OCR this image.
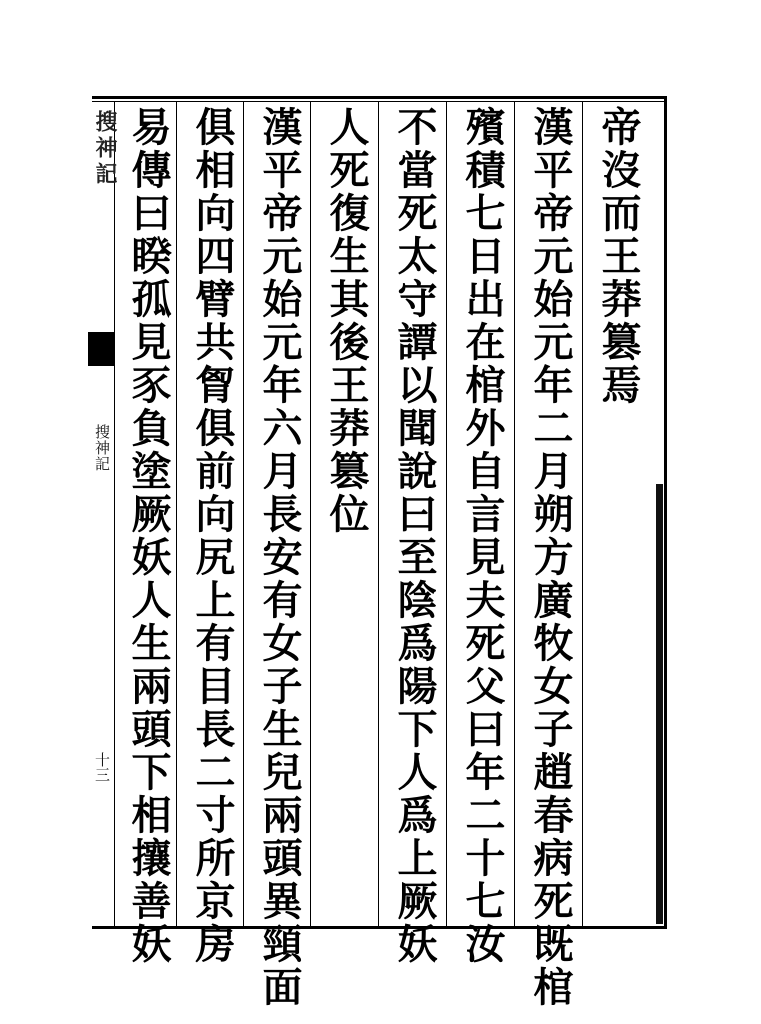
搜神記
搜神記
十三
帝沒而王莽篡焉
漢平帝元始元年二月朔方廣牧女子趙春病死既棺
殯積七日出在棺外自言見夫死父曰年二十七汝
不當死太守譚以聞說曰至陰爲陽下人爲上厥妖
人死復生其後王莽篡位
漢平帝元始元年六月長安有女子生兒兩頭異頸面
俱相向四臂共胷俱前向尻上有目長二寸所京房
易傳曰睽孤見豕負塗厥妖人生兩頭下相攘善妖
